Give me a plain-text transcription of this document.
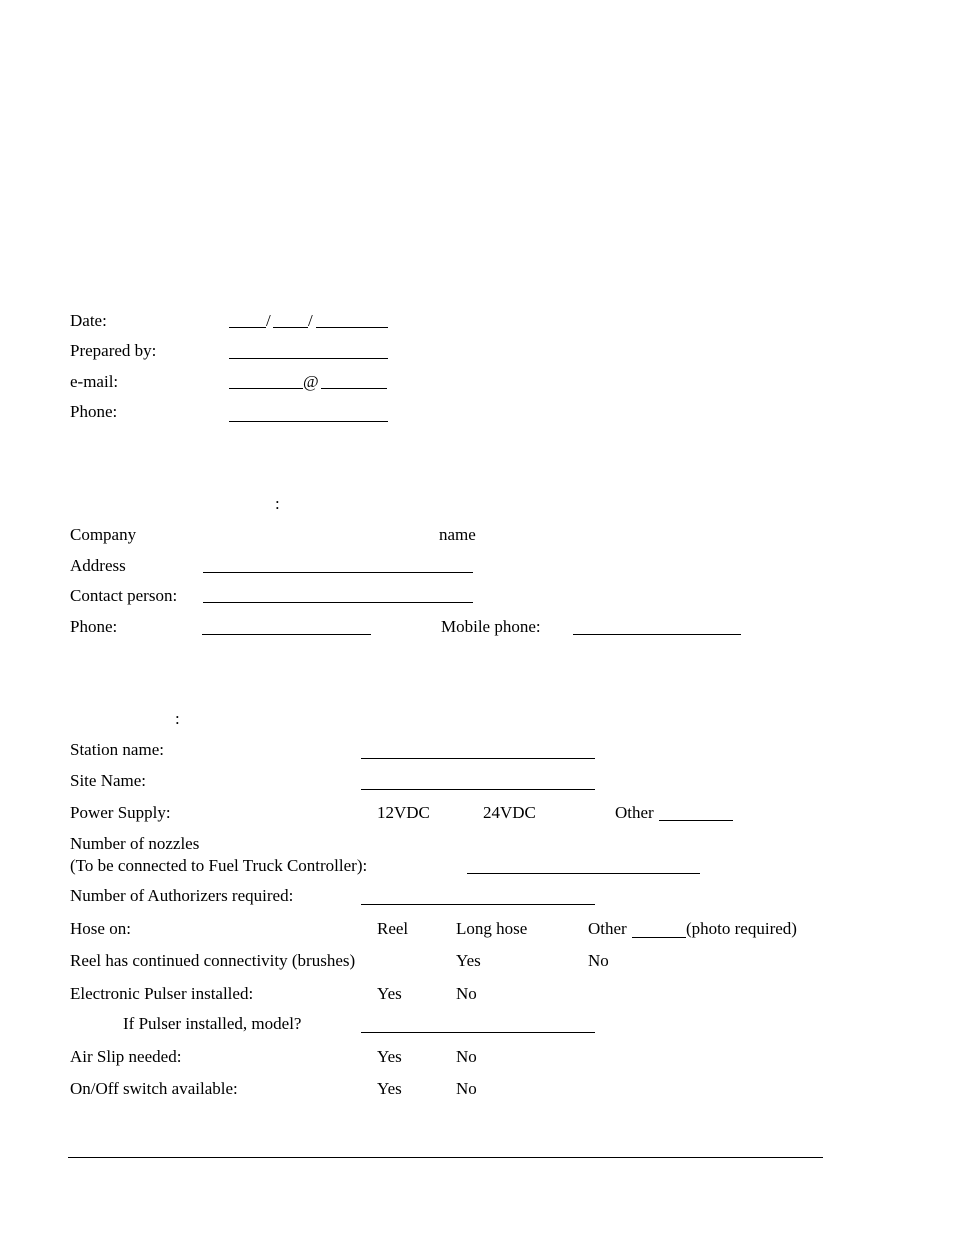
Date:	/ /
Prepared by:
e-mail:	@
Phone:
:
Company	name
Address
Contact person:
Phone:	Mobile phone:
:
Station name:
Site Name:
Power Supply:	12VDC	24VDC	Other
Number of nozzles
(To be connected to Fuel Truck Controller):
Number of Authorizers required:
Hose on:	Reel	Long hose	Other	(photo required)
Reel has continued connectivity (brushes)	Yes	No
Electronic Pulser installed:	Yes	No
If Pulser installed, model?
Air Slip needed:	Yes	No
On/Off switch available:	Yes	No
